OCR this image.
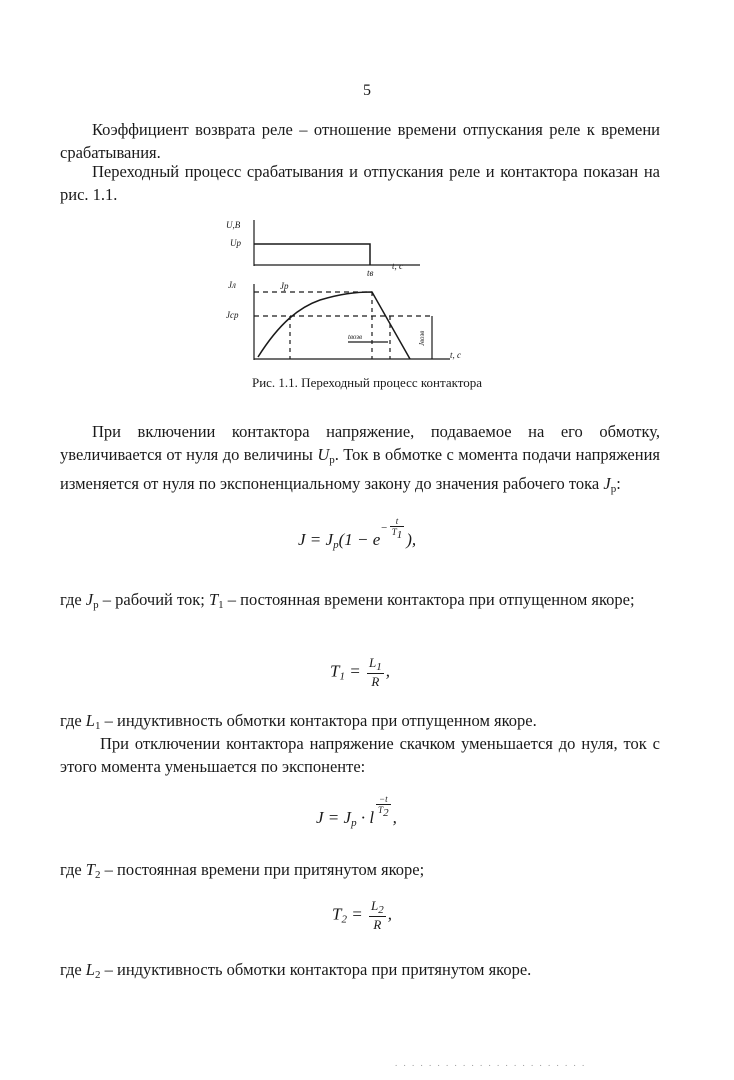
5

Коэффициент возврата реле – отношение времени отпускания реле к времени срабатывания.

Переходный процесс срабатывания и отпускания реле и контактора показан на рис. 1.1.

U,B
Uр
t, c
tв
Jл	Jр
Jср
tвозв	Jвозв
t, c
Рис. 1.1. Переходный процесс контактора

При включении контактора напряжение, подаваемое на его обмотку, увеличивается от нуля до величины $U_р$. Ток в обмотке с момента подачи напряжения изменяется от нуля по экспоненциальному закону до значения рабочего тока $J_р$:

$J = J_р(1 - e^{- \frac{t}{T1}}$ ),

где $J_р$ – рабочий ток; $T_1$ – постоянная времени контактора при отпущенном якоре;

$T_1 = \frac{L_1}{R}$ ,

где $L_1$ – индуктивность обмотки контактора при отпущенном якоре.

При отключении контактора напряжение скачком уменьшается до нуля, ток с этого момента уменьшается по экспоненте:

$J = J_р \cdot l$ $^{\frac{-t}{T2}}$ ,

где $T_2$ – постоянная времени при притянутом якоре;

$T_2 = \frac{L_2}{R}$ ,

где $L_2$ – индуктивность обмотки контактора при притянутом якоре.

. . . . . . . . . . . . . . . . . . . . . . .
